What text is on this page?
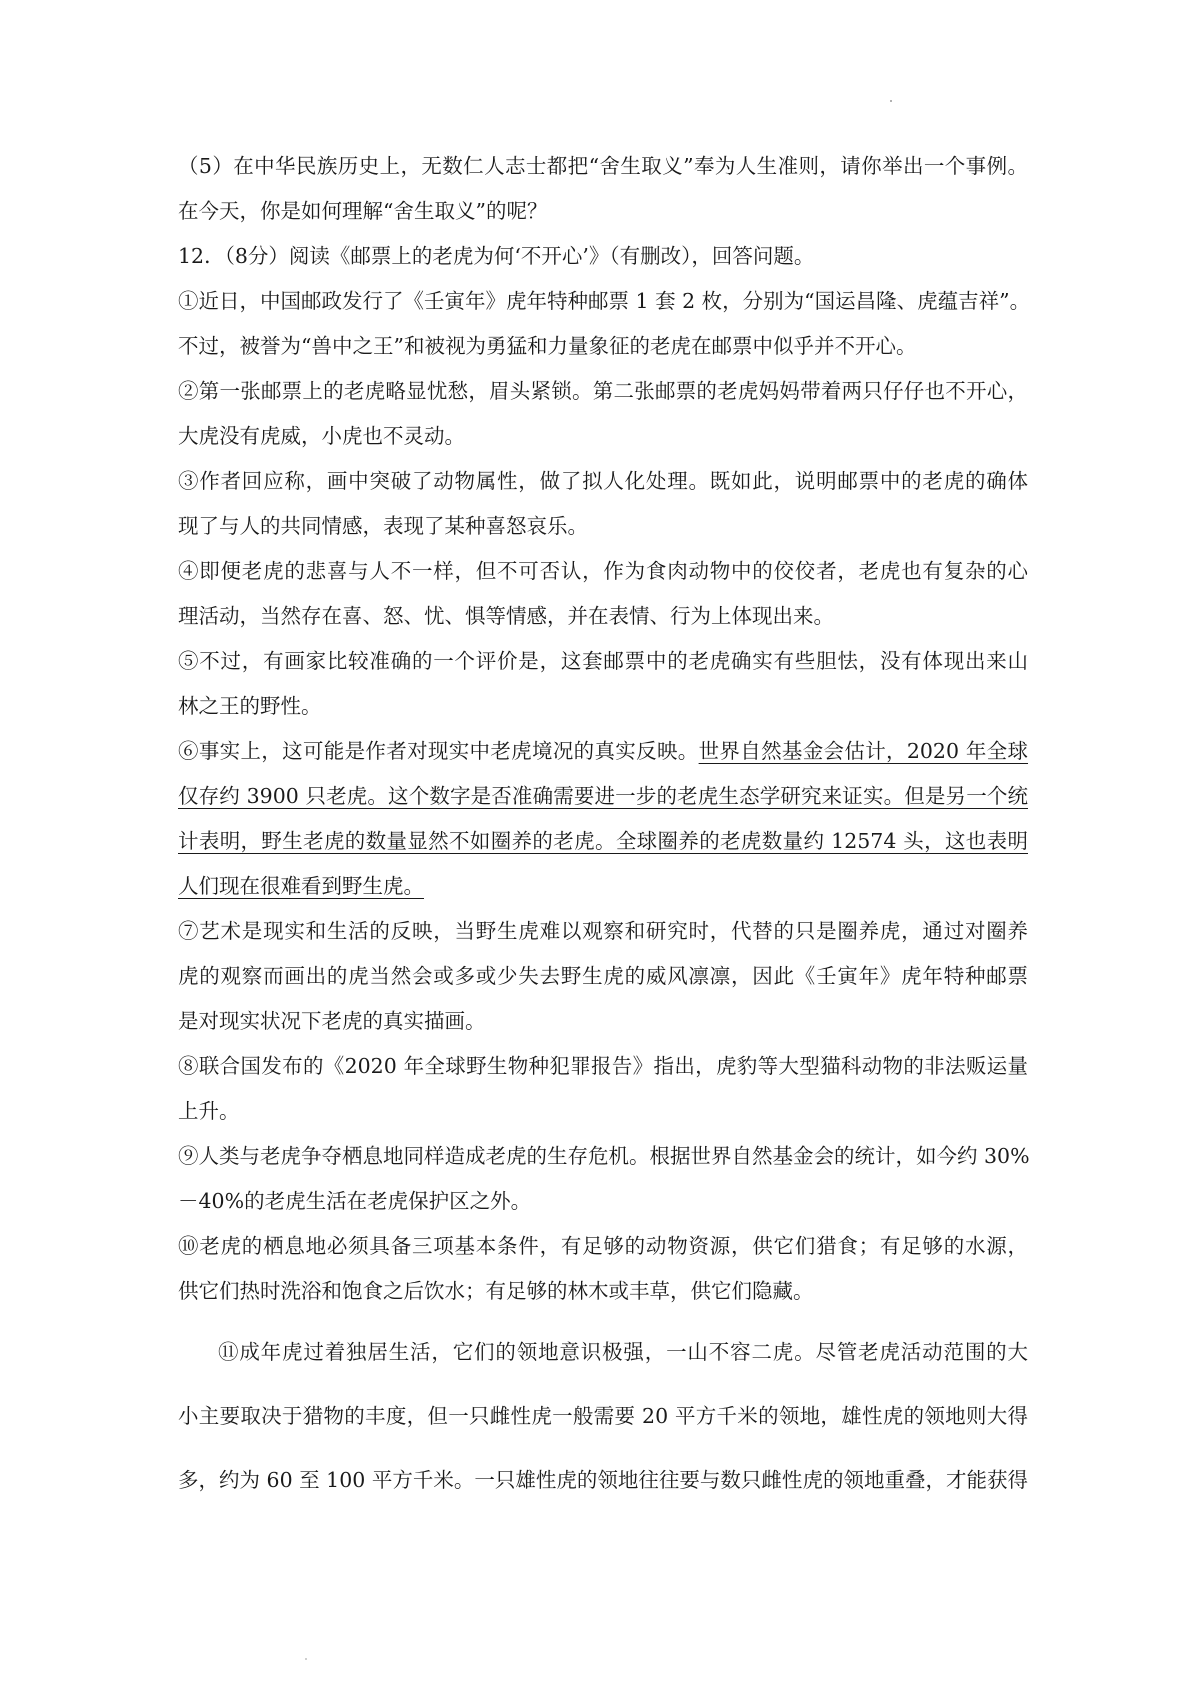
（5）在中华民族历史上，无数仁人志士都把“舍生取义”奉为人生准则，请你举出一个事例。
在今天，你是如何理解“舍生取义”的呢？
12．（8分）阅读《邮票上的老虎为何‘不开心’》（有删改），回答问题。
①近日，中国邮政发行了《壬寅年》虎年特种邮票 1 套 2 枚，分别为“国运昌隆、虎蕴吉祥”。
不过，被誉为“兽中之王”和被视为勇猛和力量象征的老虎在邮票中似乎并不开心。
②第一张邮票上的老虎略显忧愁，眉头紧锁。第二张邮票的老虎妈妈带着两只仔仔也不开心，
大虎没有虎威，小虎也不灵动。
③作者回应称，画中突破了动物属性，做了拟人化处理。既如此，说明邮票中的老虎的确体
现了与人的共同情感，表现了某种喜怒哀乐。
④即便老虎的悲喜与人不一样，但不可否认，作为食肉动物中的佼佼者，老虎也有复杂的心
理活动，当然存在喜、怒、忧、惧等情感，并在表情、行为上体现出来。
⑤不过，有画家比较准确的一个评价是，这套邮票中的老虎确实有些胆怯，没有体现出来山
林之王的野性。
⑥事实上，这可能是作者对现实中老虎境况的真实反映。世界自然基金会估计，2020 年全球
仅存约 3900 只老虎。这个数字是否准确需要进一步的老虎生态学研究来证实。但是另一个统
计表明，野生老虎的数量显然不如圈养的老虎。全球圈养的老虎数量约 12574 头，这也表明
人们现在很难看到野生虎。
⑦艺术是现实和生活的反映，当野生虎难以观察和研究时，代替的只是圈养虎，通过对圈养
虎的观察而画出的虎当然会或多或少失去野生虎的威风凛凛，因此《壬寅年》虎年特种邮票
是对现实状况下老虎的真实描画。
⑧联合国发布的《2020 年全球野生物种犯罪报告》指出，虎豹等大型猫科动物的非法贩运量
上升。
⑨人类与老虎争夺栖息地同样造成老虎的生存危机。根据世界自然基金会的统计，如今约 30%
－40%的老虎生活在老虎保护区之外。
⑩老虎的栖息地必须具备三项基本条件，有足够的动物资源，供它们猎食；有足够的水源，
供它们热时洗浴和饱食之后饮水；有足够的林木或丰草，供它们隐藏。
⑪成年虎过着独居生活，它们的领地意识极强，一山不容二虎。尽管老虎活动范围的大
小主要取决于猎物的丰度，但一只雌性虎一般需要 20 平方千米的领地，雄性虎的领地则大得
多，约为 60 至 100 平方千米。一只雄性虎的领地往往要与数只雌性虎的领地重叠，才能获得
